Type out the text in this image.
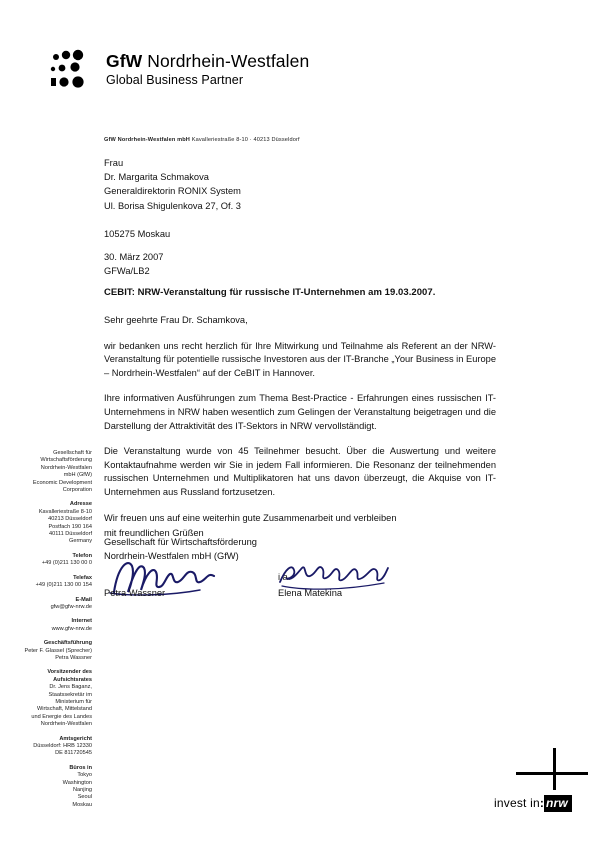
GfW Nordrhein-Westfalen
Global Business Partner
GfW Nordrhein-Westfalen mbH Kavalleriestraße 8-10 · 40213 Düsseldorf
Frau
Dr. Margarita Schmakova
Generaldirektorin RONIX System
Ul. Borisa Shigulenkova 27, Of. 3
105275 Moskau
30. März 2007
GFWa/LB2
CEBIT: NRW-Veranstaltung für russische IT-Unternehmen am 19.03.2007.

Sehr geehrte Frau Dr. Schamkova,

wir bedanken uns recht herzlich für Ihre Mitwirkung und Teilnahme als Referent an der NRW-Veranstaltung für potentielle russische Investoren aus der IT-Branche „Your Business in Europe – Nordrhein-Westfalen“ auf der CeBIT in Hannover.

Ihre informativen Ausführungen zum Thema Best-Practice - Erfahrungen eines russischen IT-Unternehmens in NRW haben wesentlich zum Gelingen der Veranstaltung beigetragen und die Darstellung der Attraktivität des IT-Sektors in NRW vervollständigt.

Die Veranstaltung wurde von 45 Teilnehmer besucht. Über die Auswertung und weitere Kontaktaufnahme werden wir Sie in jedem Fall informieren. Die Resonanz der teilnehmenden russischen Unternehmen und Multiplikatoren hat uns davon überzeugt, die Akquise von IT-Unternehmen aus Russland fortzusetzen.

Wir freuen uns auf eine weiterhin gute Zusammenarbeit und verbleiben

mit freundlichen Grüßen

Gesellschaft für Wirtschaftsförderung
Nordrhein-Westfalen mbH (GfW)
i.a.
Petra Wassner	Elena Matekina
Gesellschaft für
Wirtschaftsförderung
Nordrhein-Westfalen
mbH (GfW)
Economic Development
Corporation
Adresse
Kavalleriestraße 8-10
40213 Düsseldorf
Postfach 190 164
40111 Düsseldorf
Germany
Telefon
+49 (0)211 130 00 0
Telefax
+49 (0)211 130 00 154
E-Mail
gfw@gfw-nrw.de
Internet
www.gfw-nrw.de
Geschäftsführung
Peter F. Glassel (Sprecher)
Petra Wassner
Vorsitzender des
Aufsichtsrates
Dr. Jens Baganz,
Staatssekretär im
Ministerium für
Wirtschaft, Mittelstand
und Energie des Landes
Nordrhein-Westfalen
Amtsgericht
Düsseldorf: HRB 12330
DE 811720545
Büros in
Tokyo
Washington
Nanjing
Seoul
Moskau	invest in: nrw
